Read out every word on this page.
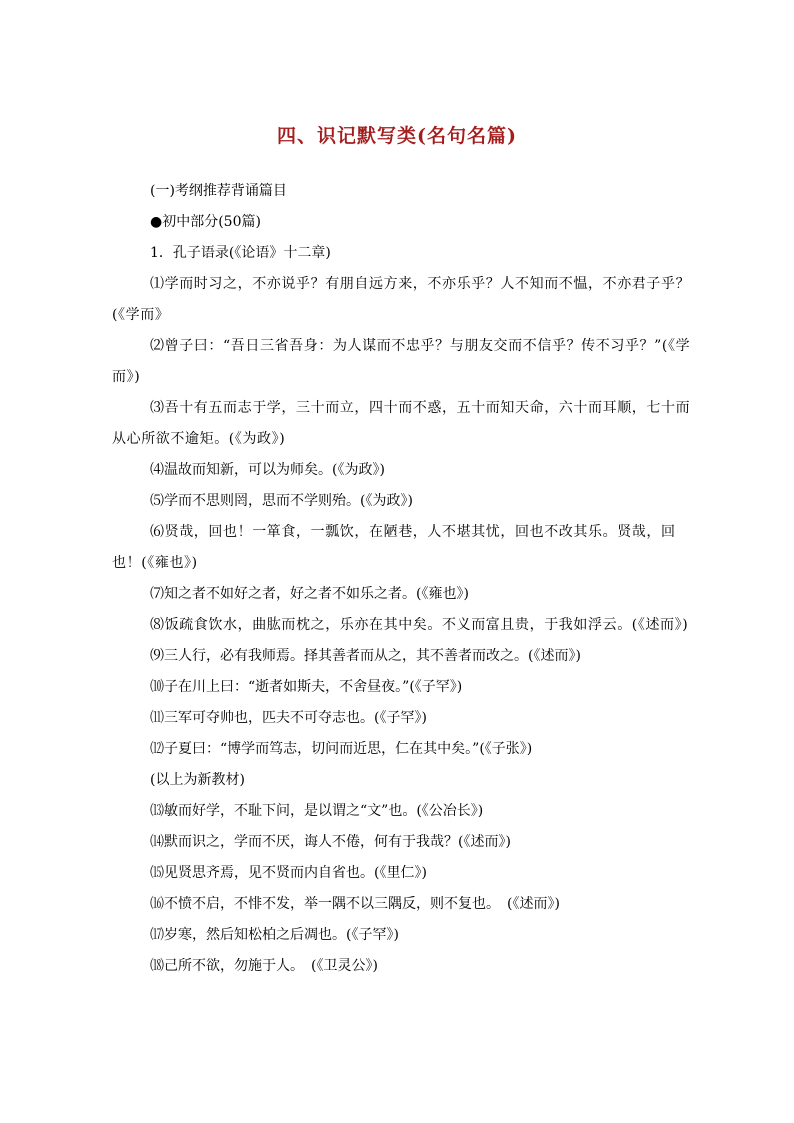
四、识记默写类(名句名篇)

(一)考纲推荐背诵篇目

●初中部分(50篇)

1．孔子语录(《论语》十二章)

⑴学而时习之，不亦说乎？有朋自远方来，不亦乐乎？人不知而不愠，不亦君子乎？(《学而》

⑵曾子曰：“吾日三省吾身：为人谋而不忠乎？与朋友交而不信乎？传不习乎？”(《学而》)

⑶吾十有五而志于学，三十而立，四十而不惑，五十而知天命，六十而耳顺，七十而从心所欲不逾矩。(《为政》)

⑷温故而知新，可以为师矣。(《为政》)

⑸学而不思则罔，思而不学则殆。(《为政》)

⑹贤哉，回也！一箪食，一瓢饮，在陋巷，人不堪其忧，回也不改其乐。贤哉，回也！(《雍也》)

⑺知之者不如好之者，好之者不如乐之者。(《雍也》)

⑻饭疏食饮水，曲肱而枕之，乐亦在其中矣。不义而富且贵，于我如浮云。(《述而》)

⑼三人行，必有我师焉。择其善者而从之，其不善者而改之。(《述而》)

⑽子在川上曰：“逝者如斯夫，不舍昼夜。”(《子罕》)

⑾三军可夺帅也，匹夫不可夺志也。(《子罕》)

⑿子夏曰：“博学而笃志，切问而近思，仁在其中矣。”(《子张》)

(以上为新教材)

⒀敏而好学，不耻下问，是以谓之“文”也。(《公冶长》)

⒁默而识之，学而不厌，诲人不倦，何有于我哉？(《述而》)

⒂见贤思齐焉，见不贤而内自省也。(《里仁》)

⒃不愤不启，不悱不发，举一隅不以三隅反，则不复也。　(《述而》)

⒄岁寒，然后知松柏之后凋也。(《子罕》)

⒅己所不欲，勿施于人。　(《卫灵公》)
